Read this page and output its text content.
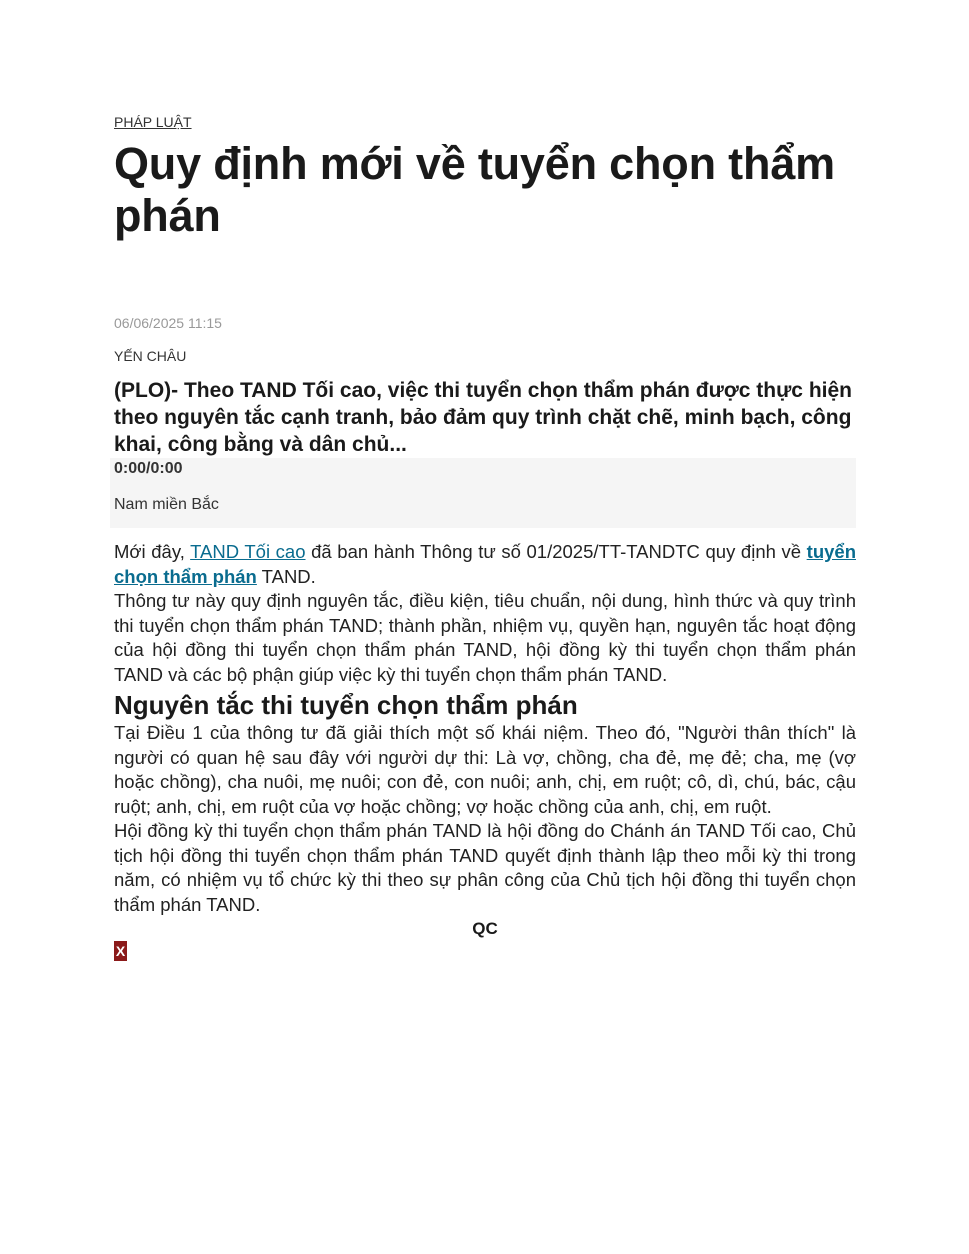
PHÁP LUẬT
Quy định mới về tuyển chọn thẩm phán
06/06/2025 11:15
YẾN CHÂU
(PLO)- Theo TAND Tối cao, việc thi tuyển chọn thẩm phán được thực hiện theo nguyên tắc cạnh tranh, bảo đảm quy trình chặt chẽ, minh bạch, công khai, công bằng và dân chủ...
0:00/0:00
Nam miền Bắc

Mới đây, TAND Tối cao đã ban hành Thông tư số 01/2025/TT-TANDTC quy định về tuyển chọn thẩm phán TAND.

Thông tư này quy định nguyên tắc, điều kiện, tiêu chuẩn, nội dung, hình thức và quy trình thi tuyển chọn thẩm phán TAND; thành phần, nhiệm vụ, quyền hạn, nguyên tắc hoạt động của hội đồng thi tuyển chọn thẩm phán TAND, hội đồng kỳ thi tuyển chọn thẩm phán TAND và các bộ phận giúp việc kỳ thi tuyển chọn thẩm phán TAND.

Nguyên tắc thi tuyển chọn thẩm phán

Tại Điều 1 của thông tư đã giải thích một số khái niệm. Theo đó, "Người thân thích" là người có quan hệ sau đây với người dự thi: Là vợ, chồng, cha đẻ, mẹ đẻ; cha, mẹ (vợ hoặc chồng), cha nuôi, mẹ nuôi; con đẻ, con nuôi; anh, chị, em ruột; cô, dì, chú, bác, cậu ruột; anh, chị, em ruột của vợ hoặc chồng; vợ hoặc chồng của anh, chị, em ruột.

Hội đồng kỳ thi tuyển chọn thẩm phán TAND là hội đồng do Chánh án TAND Tối cao, Chủ tịch hội đồng thi tuyển chọn thẩm phán TAND quyết định thành lập theo mỗi kỳ thi trong năm, có nhiệm vụ tổ chức kỳ thi theo sự phân công của Chủ tịch hội đồng thi tuyển chọn thẩm phán TAND.

QC
X
